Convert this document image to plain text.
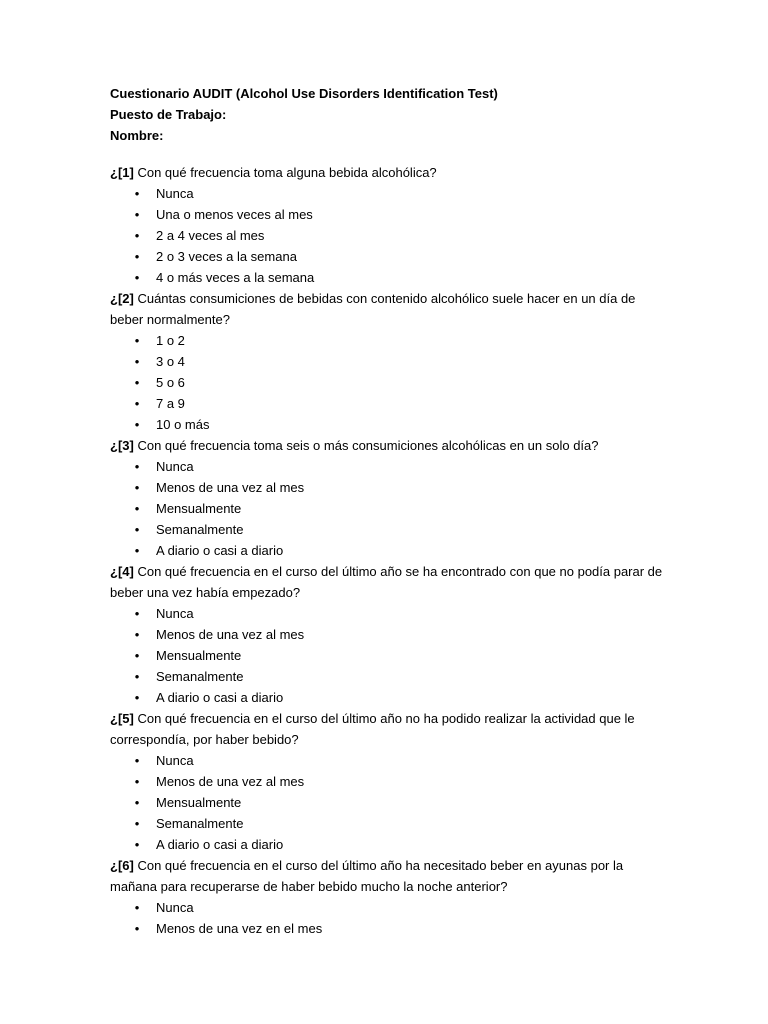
Cuestionario AUDIT (Alcohol Use Disorders Identification Test)
Puesto de Trabajo:
Nombre:
¿[1] Con qué frecuencia toma alguna bebida alcohólica?
• Nunca
• Una o menos veces al mes
• 2 a 4 veces al mes
• 2 o 3 veces a la semana
• 4 o más veces a la semana
¿[2] Cuántas consumiciones de bebidas con contenido alcohólico suele hacer en un día de beber normalmente?
• 1 o 2
• 3 o 4
• 5 o 6
• 7 a 9
• 10 o más
¿[3] Con qué frecuencia toma seis o más consumiciones alcohólicas en un solo día?
• Nunca
• Menos de una vez al mes
• Mensualmente
• Semanalmente
• A diario o casi a diario
¿[4] Con qué frecuencia en el curso del último año se ha encontrado con que no podía parar de beber una vez había empezado?
• Nunca
• Menos de una vez al mes
• Mensualmente
• Semanalmente
• A diario o casi a diario
¿[5] Con qué frecuencia en el curso del último año no ha podido realizar la actividad que le correspondía, por haber bebido?
• Nunca
• Menos de una vez al mes
• Mensualmente
• Semanalmente
• A diario o casi a diario
¿[6] Con qué frecuencia en el curso del último año ha necesitado beber en ayunas por la mañana para recuperarse de haber bebido mucho la noche anterior?
• Nunca
• Menos de una vez en el mes
